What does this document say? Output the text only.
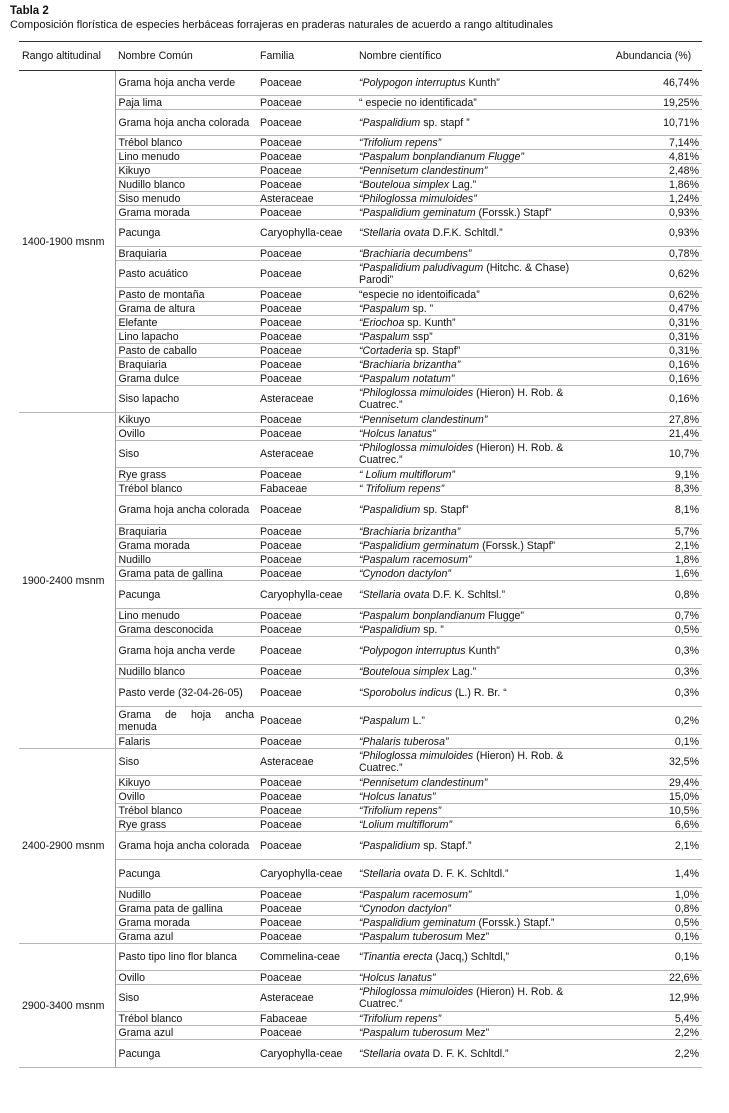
Tabla 2
Composición florística de especies herbáceas forrajeras en praderas naturales de acuerdo a rango altitudinales
Rango altitudinal	Nombre Común	Familia	Nombre científico	Abundancia (%)
1400-1900 msnm	Grama hoja ancha verde	Poaceae	“Polypogon interruptus Kunth”	46,74%
	Paja lima	Poaceae	“ especie no identificada”	19,25%
	Grama hoja ancha colorada	Poaceae	“Paspalidium sp. stapf ”	10,71%
	Trébol blanco	Poaceae	“Trifolium repens”	7,14%
	Lino menudo	Poaceae	“Paspalum bonplandianum Flugge”	4,81%
	Kikuyo	Poaceae	“Pennisetum clandestinum”	2,48%
	Nudillo blanco	Poaceae	“Bouteloua simplex Lag.”	1,86%
	Siso menudo	Asteraceae	“Philoglossa mimuloides”	1,24%
	Grama morada	Poaceae	“Paspalidium geminatum (Forssk.) Stapf”	0,93%
	Pacunga	Caryophylla-ceae	“Stellaria ovata D.F.K. Schltdl.”	0,93%
	Braquiaria	Poaceae	“Brachiaria decumbens”	0,78%
	Pasto acuático	Poaceae	“Paspalidium paludivagum (Hitchc. & Chase) Parodi”	0,62%
	Pasto de montaña	Poaceae	“especie no identoificada”	0,62%
	Grama de altura	Poaceae	“Paspalum sp. ”	0,47%
	Elefante	Poaceae	“Eriochoa sp. Kunth”	0,31%
	Lino lapacho	Poaceae	“Paspalum ssp”	0,31%
	Pasto de caballo	Poaceae	“Cortaderia sp. Stapf”	0,31%
	Braquiaria	Poaceae	“Brachiaria brizantha”	0,16%
	Grama dulce	Poaceae	“Paspalum notatum”	0,16%
	Siso lapacho	Asteraceae	“Philoglossa mimuloides (Hieron) H. Rob. & Cuatrec.”	0,16%
1900-2400 msnm	Kikuyo	Poaceae	“Pennisetum clandestinum”	27,8%
	Ovillo	Poaceae	“Holcus lanatus”	21,4%
	Siso	Asteraceae	“Philoglossa mimuloides (Hieron) H. Rob. & Cuatrec.”	10,7%
	Rye grass	Poaceae	“ Lolium multiflorum”	9,1%
	Trébol blanco	Fabaceae	“ Trifolium repens”	8,3%
	Grama hoja ancha colorada	Poaceae	“Paspalidium sp. Stapf”	8,1%
	Braquiaria	Poaceae	“Brachiaria brizantha”	5,7%
	Grama morada	Poaceae	“Paspalidium germinatum (Forssk.) Stapf”	2,1%
	Nudillo	Poaceae	“Paspalum racemosum”	1,8%
	Grama pata de gallina	Poaceae	“Cynodon dactylon”	1,6%
	Pacunga	Caryophylla-ceae	“Stellaria ovata D.F. K. Schltsl.”	0,8%
	Lino menudo	Poaceae	“Paspalum bonplandianum Flugge”	0,7%
	Grama desconocida	Poaceae	“Paspalidium sp. ”	0,5%
	Grama hoja ancha verde	Poaceae	“Polypogon interruptus Kunth”	0,3%
	Nudillo blanco	Poaceae	“Bouteloua simplex Lag.”	0,3%
	Pasto verde (32-04-26-05)	Poaceae	“Sporobolus indicus (L.) R. Br. “	0,3%
	Grama de hoja ancha menuda	Poaceae	“Paspalum L.”	0,2%
	Falaris	Poaceae	“Phalaris tuberosa”	0,1%
2400-2900 msnm	Siso	Asteraceae	“Philoglossa mimuloides (Hieron) H. Rob. & Cuatrec.”	32,5%
	Kikuyo	Poaceae	“Pennisetum clandestinum”	29,4%
	Ovillo	Poaceae	“Holcus lanatus”	15,0%
	Trébol blanco	Poaceae	“Trifolium repens”	10,5%
	Rye grass	Poaceae	“Lolium multiflorum”	6,6%
	Grama hoja ancha colorada	Poaceae	“Paspalidium sp. Stapf.”	2,1%
	Pacunga	Caryophylla-ceae	“Stellaria ovata D. F. K. Schltdl.”	1,4%
	Nudillo	Poaceae	“Paspalum racemosum”	1,0%
	Grama pata de gallina	Poaceae	“Cynodon dactylon”	0,8%
	Grama morada	Poaceae	“Paspalidium geminatum (Forssk.) Stapf.”	0,5%
	Grama azul	Poaceae	“Paspalum tuberosum Mez”	0,1%
2900-3400 msnm	Pasto tipo lino flor blanca	Commelina-ceae	“Tinantia erecta (Jacq,) Schltdl,”	0,1%
	Ovillo	Poaceae	“Holcus lanatus”	22,6%
	Siso	Asteraceae	“Philoglossa mimuloides (Hieron) H. Rob. & Cuatrec.”	12,9%
	Trébol blanco	Fabaceae	“Trifolium repens”	5,4%
	Grama azul	Poaceae	“Paspalum tuberosum Mez”	2,2%
	Pacunga	Caryophylla-ceae	“Stellaria ovata D. F. K. Schltdl.”	2,2%
